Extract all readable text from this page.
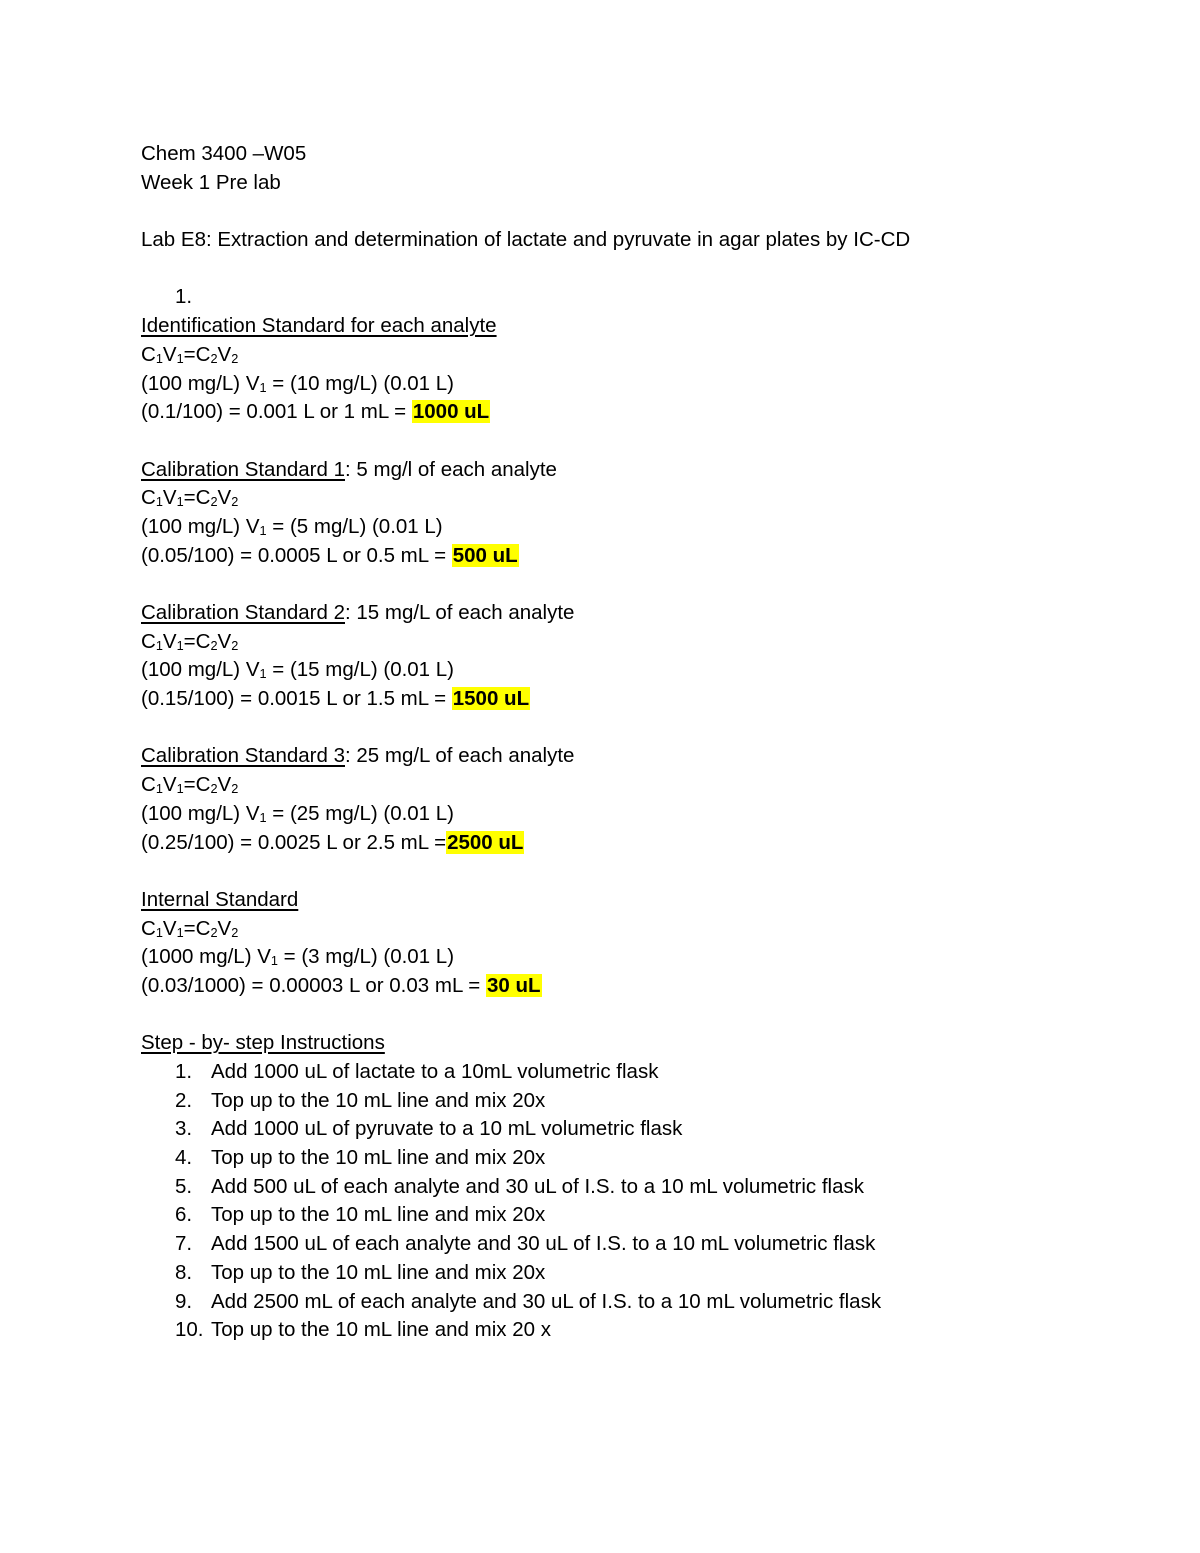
Chem 3400 –W05
Week 1 Pre lab
Lab E8: Extraction and determination of lactate and pyruvate in agar plates by IC-CD
1.
Identification Standard for each analyte
$C_1V_1=C_2V_2$
(100 mg/L) $V_1 = (10$ mg/L) (0.01 L)
(0.1/100) = 0.001 L or 1 mL = 1000 uL
Calibration Standard 1: 5 mg/l of each analyte
$C_1V_1=C_2V_2$
(100 mg/L) $V_1 = (5$ mg/L) (0.01 L)
(0.05/100) = 0.0005 L or 0.5 mL = 500 uL
Calibration Standard 2: 15 mg/L of each analyte
$C_1V_1=C_2V_2$
(100 mg/L) $V_1 = (15$ mg/L) (0.01 L)
(0.15/100) = 0.0015 L or 1.5 mL = 1500 uL
Calibration Standard 3: 25 mg/L of each analyte
$C_1V_1=C_2V_2$
(100 mg/L) $V_1 = (25$ mg/L) (0.01 L)
(0.25/100) = 0.0025 L or 2.5 mL =2500 uL
Internal Standard
$C_1V_1=C_2V_2$
(1000 mg/L) $V_1 = (3$ mg/L) (0.01 L)
(0.03/1000) = 0.00003 L or 0.03 mL = 30 uL
Step - by- step Instructions
1. Add 1000 uL of lactate to a 10mL volumetric flask
2. Top up to the 10 mL line and mix 20x
3. Add 1000 uL of pyruvate to a 10 mL volumetric flask
4. Top up to the 10 mL line and mix 20x
5. Add 500 uL of each analyte and 30 uL of I.S. to a 10 mL volumetric flask
6. Top up to the 10 mL line and mix 20x
7. Add 1500 uL of each analyte and 30 uL of I.S. to a 10 mL volumetric flask
8. Top up to the 10 mL line and mix 20x
9. Add 2500 mL of each analyte and 30 uL of I.S. to a 10 mL volumetric flask
10. Top up to the 10 mL line and mix 20 x
